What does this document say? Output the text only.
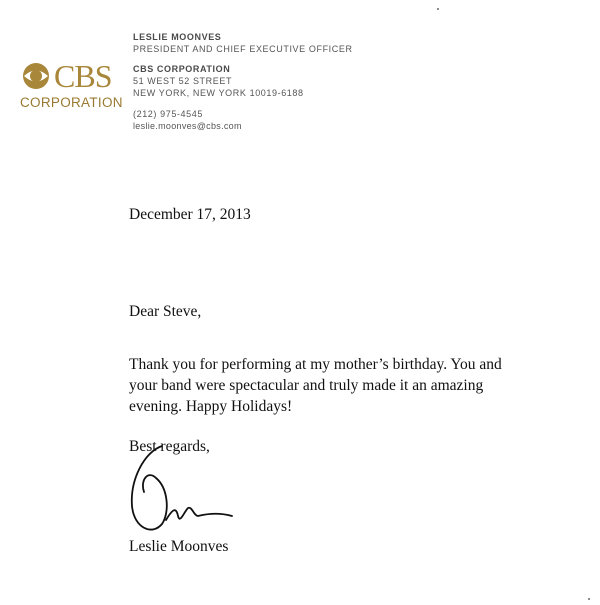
CBS
CORPORATION
LESLIE MOONVES
PRESIDENT AND CHIEF EXECUTIVE OFFICER
CBS CORPORATION
51 WEST 52 STREET
NEW YORK, NEW YORK 10019-6188
(212) 975-4545
leslie.moonves@cbs.com
December 17, 2013
Dear Steve,
Thank you for performing at my mother’s birthday. You and
your band were spectacular and truly made it an amazing
evening. Happy Holidays!
Best regards,
Leslie Moonves
